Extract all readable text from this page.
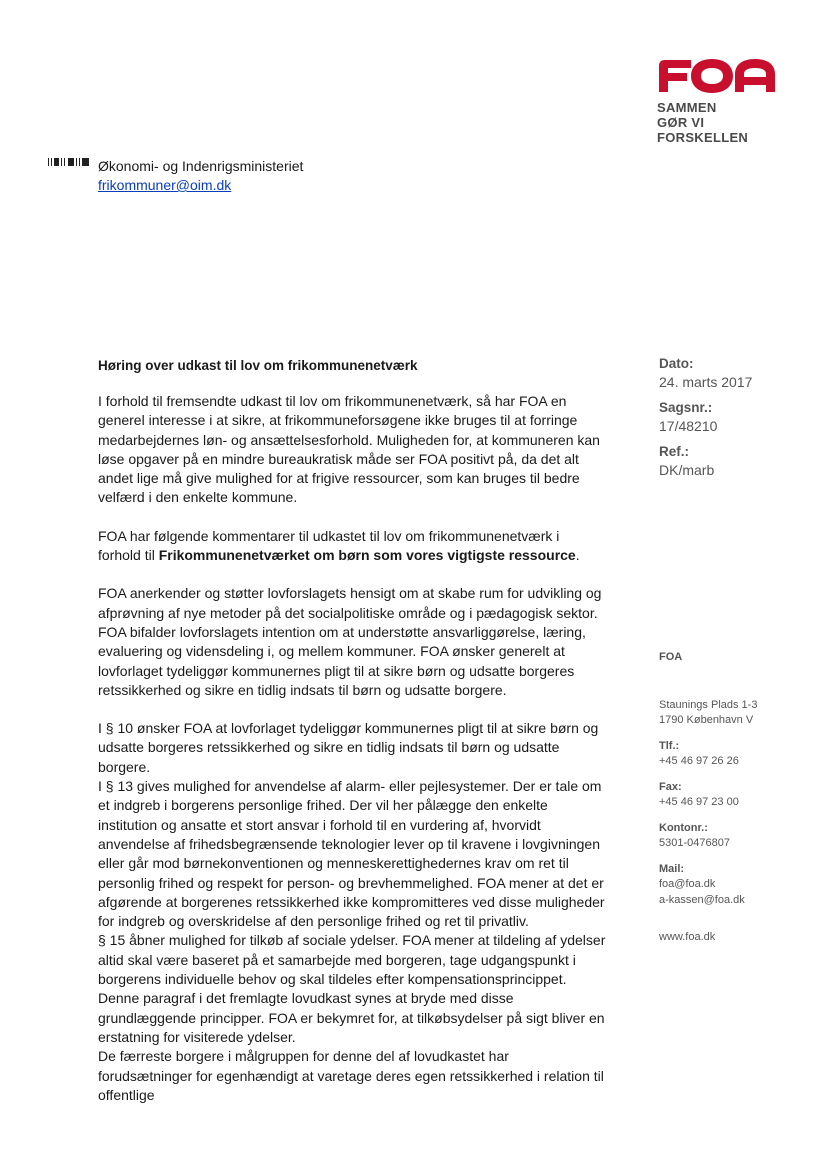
SAMMEN
GØR VI FORSKELLEN
Økonomi- og Indenrigsministeriet
frikommuner@oim.dk
Høring over udkast til lov om frikommunenetværk

I forhold til fremsendte udkast til lov om frikommunenetværk, så har FOA en generel interesse i at sikre, at frikommuneforsøgene ikke bruges til at forringe medarbejdernes løn- og ansættelsesforhold. Muligheden for, at kommuneren kan løse opgaver på en mindre bureaukratisk måde ser FOA positivt på, da det alt andet lige må give mulighed for at frigive ressourcer, som kan bruges til bedre velfærd i den enkelte kommune.

FOA har følgende kommentarer til udkastet til lov om frikommunenetværk i forhold til Frikommunenetværket om børn som vores vigtigste ressource.

FOA anerkender og støtter lovforslagets hensigt om at skabe rum for udvikling og afprøvning af nye metoder på det socialpolitiske område og i pædagogisk sektor. FOA bifalder lovforslagets intention om at understøtte ansvarliggørelse, læring, evaluering og vidensdeling i, og mellem kommuner. FOA ønsker generelt at lovforlaget tydeliggør kommunernes pligt til at sikre børn og udsatte borgeres retssikkerhed og sikre en tidlig indsats til børn og udsatte borgere.

I § 10 ønsker FOA at lovforlaget tydeliggør kommunernes pligt til at sikre børn og udsatte borgeres retssikkerhed og sikre en tidlig indsats til børn og udsatte borgere.

I § 13 gives mulighed for anvendelse af alarm- eller pejlesystemer. Der er tale om et indgreb i borgerens personlige frihed. Der vil her pålægge den enkelte institution og ansatte et stort ansvar i forhold til en vurdering af, hvorvidt anvendelse af frihedsbegrænsende teknologier lever op til kravene i lovgivningen eller går mod børnekonventionen og menneskerettighedernes krav om ret til personlig frihed og respekt for person- og brevhemmelighed. FOA mener at det er afgørende at borgerenes retssikkerhed ikke kompromitteres ved disse muligheder for indgreb og overskridelse af den personlige frihed og ret til privatliv.

§ 15 åbner mulighed for tilkøb af sociale ydelser. FOA mener at tildeling af ydelser altid skal være baseret på et samarbejde med borgeren, tage udgangspunkt i borgerens individuelle behov og skal tildeles efter kompensationsprincippet. Denne paragraf i det fremlagte lovudkast synes at bryde med disse grundlæggende principper. FOA er bekymret for, at tilkøbsydelser på sigt bliver en erstatning for visiterede ydelser.

De færreste borgere i målgruppen for denne del af lovudkastet har forudsætninger for egenhændigt at varetage deres egen retssikkerhed i relation til offentlige

Dato:
24. marts 2017
Sagsnr.:
17/48210
Ref.:
DK/marb
FOA
Staunings Plads 1-3
1790 København V
Tlf.:
+45 46 97 26 26
Fax:
+45 46 97 23 00
Kontonr.:
5301-0476807
Mail:
foa@foa.dk
a-kassen@foa.dk
www.foa.dk
